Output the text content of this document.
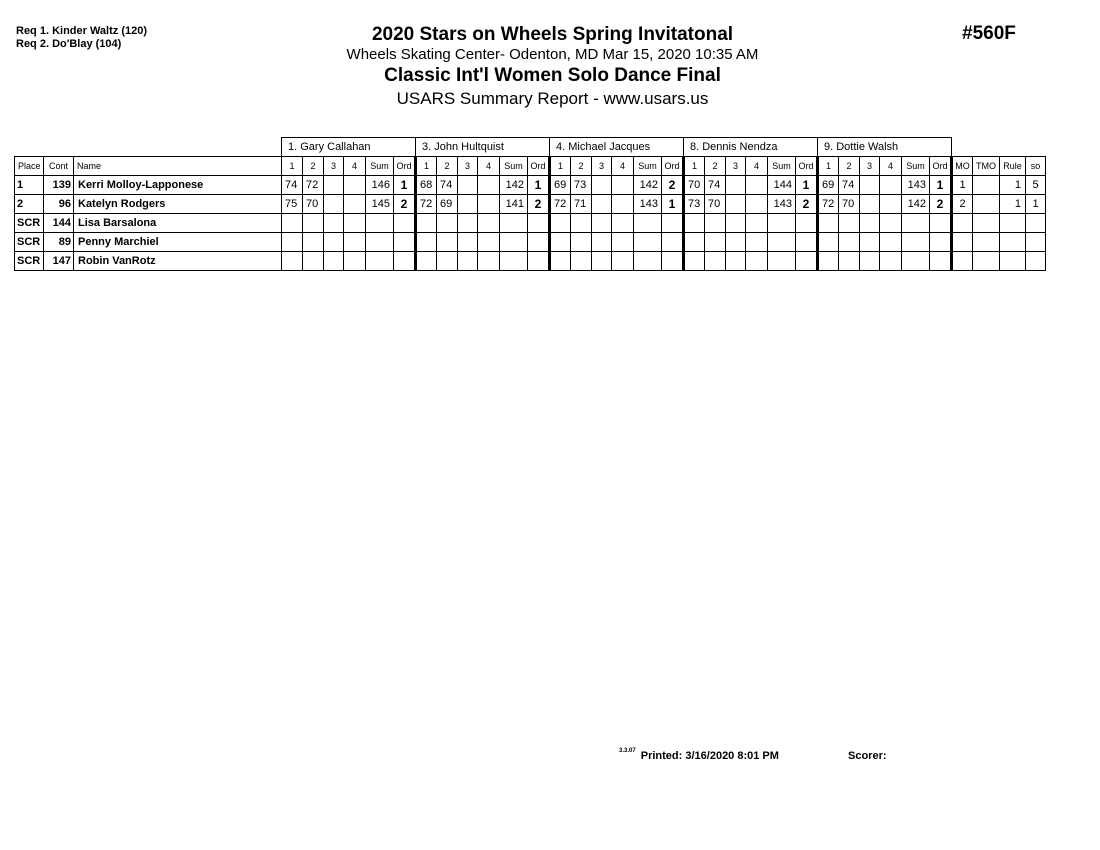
Req 1. Kinder Waltz (120)
Req 2. Do'Blay (104)	2020 Stars on Wheels Spring Invitatonal
Wheels Skating Center- Odenton, MD Mar 15, 2020 10:35 AM
Classic Int'l Women Solo Dance Final
USARS Summary Report - www.usars.us
#560F
			1. Gary Callahan						3. John Hultquist						4. Michael Jacques						8. Dennis Nendza						9. Dottie Walsh									
Place	Cont	Name	1	2	3	4	Sum	Ord	1	2	3	4	Sum	Ord	1	2	3	4	Sum	Ord	1	2	3	4	Sum	Ord	1	2	3	4	Sum	Ord	MO	TMO	Rule	so
1	139	Kerri Molloy-Lapponese	74	72			146	1	68	74			142	1	69	73			142	2	70	74			144	1	69	74			143	1	1		1	5
2	96	Katelyn Rodgers	75	70			145	2	72	69			141	2	72	71			143	1	73	70			143	2	72	70			142	2	2		1	1
SCR	144	Lisa Barsalona																																		
SCR	89	Penny Marchiel																																		
SCR	147	Robin VanRotz																																		
$^{3.3.07}$ Printed: 3/16/2020 8:01 PM	Scorer:
